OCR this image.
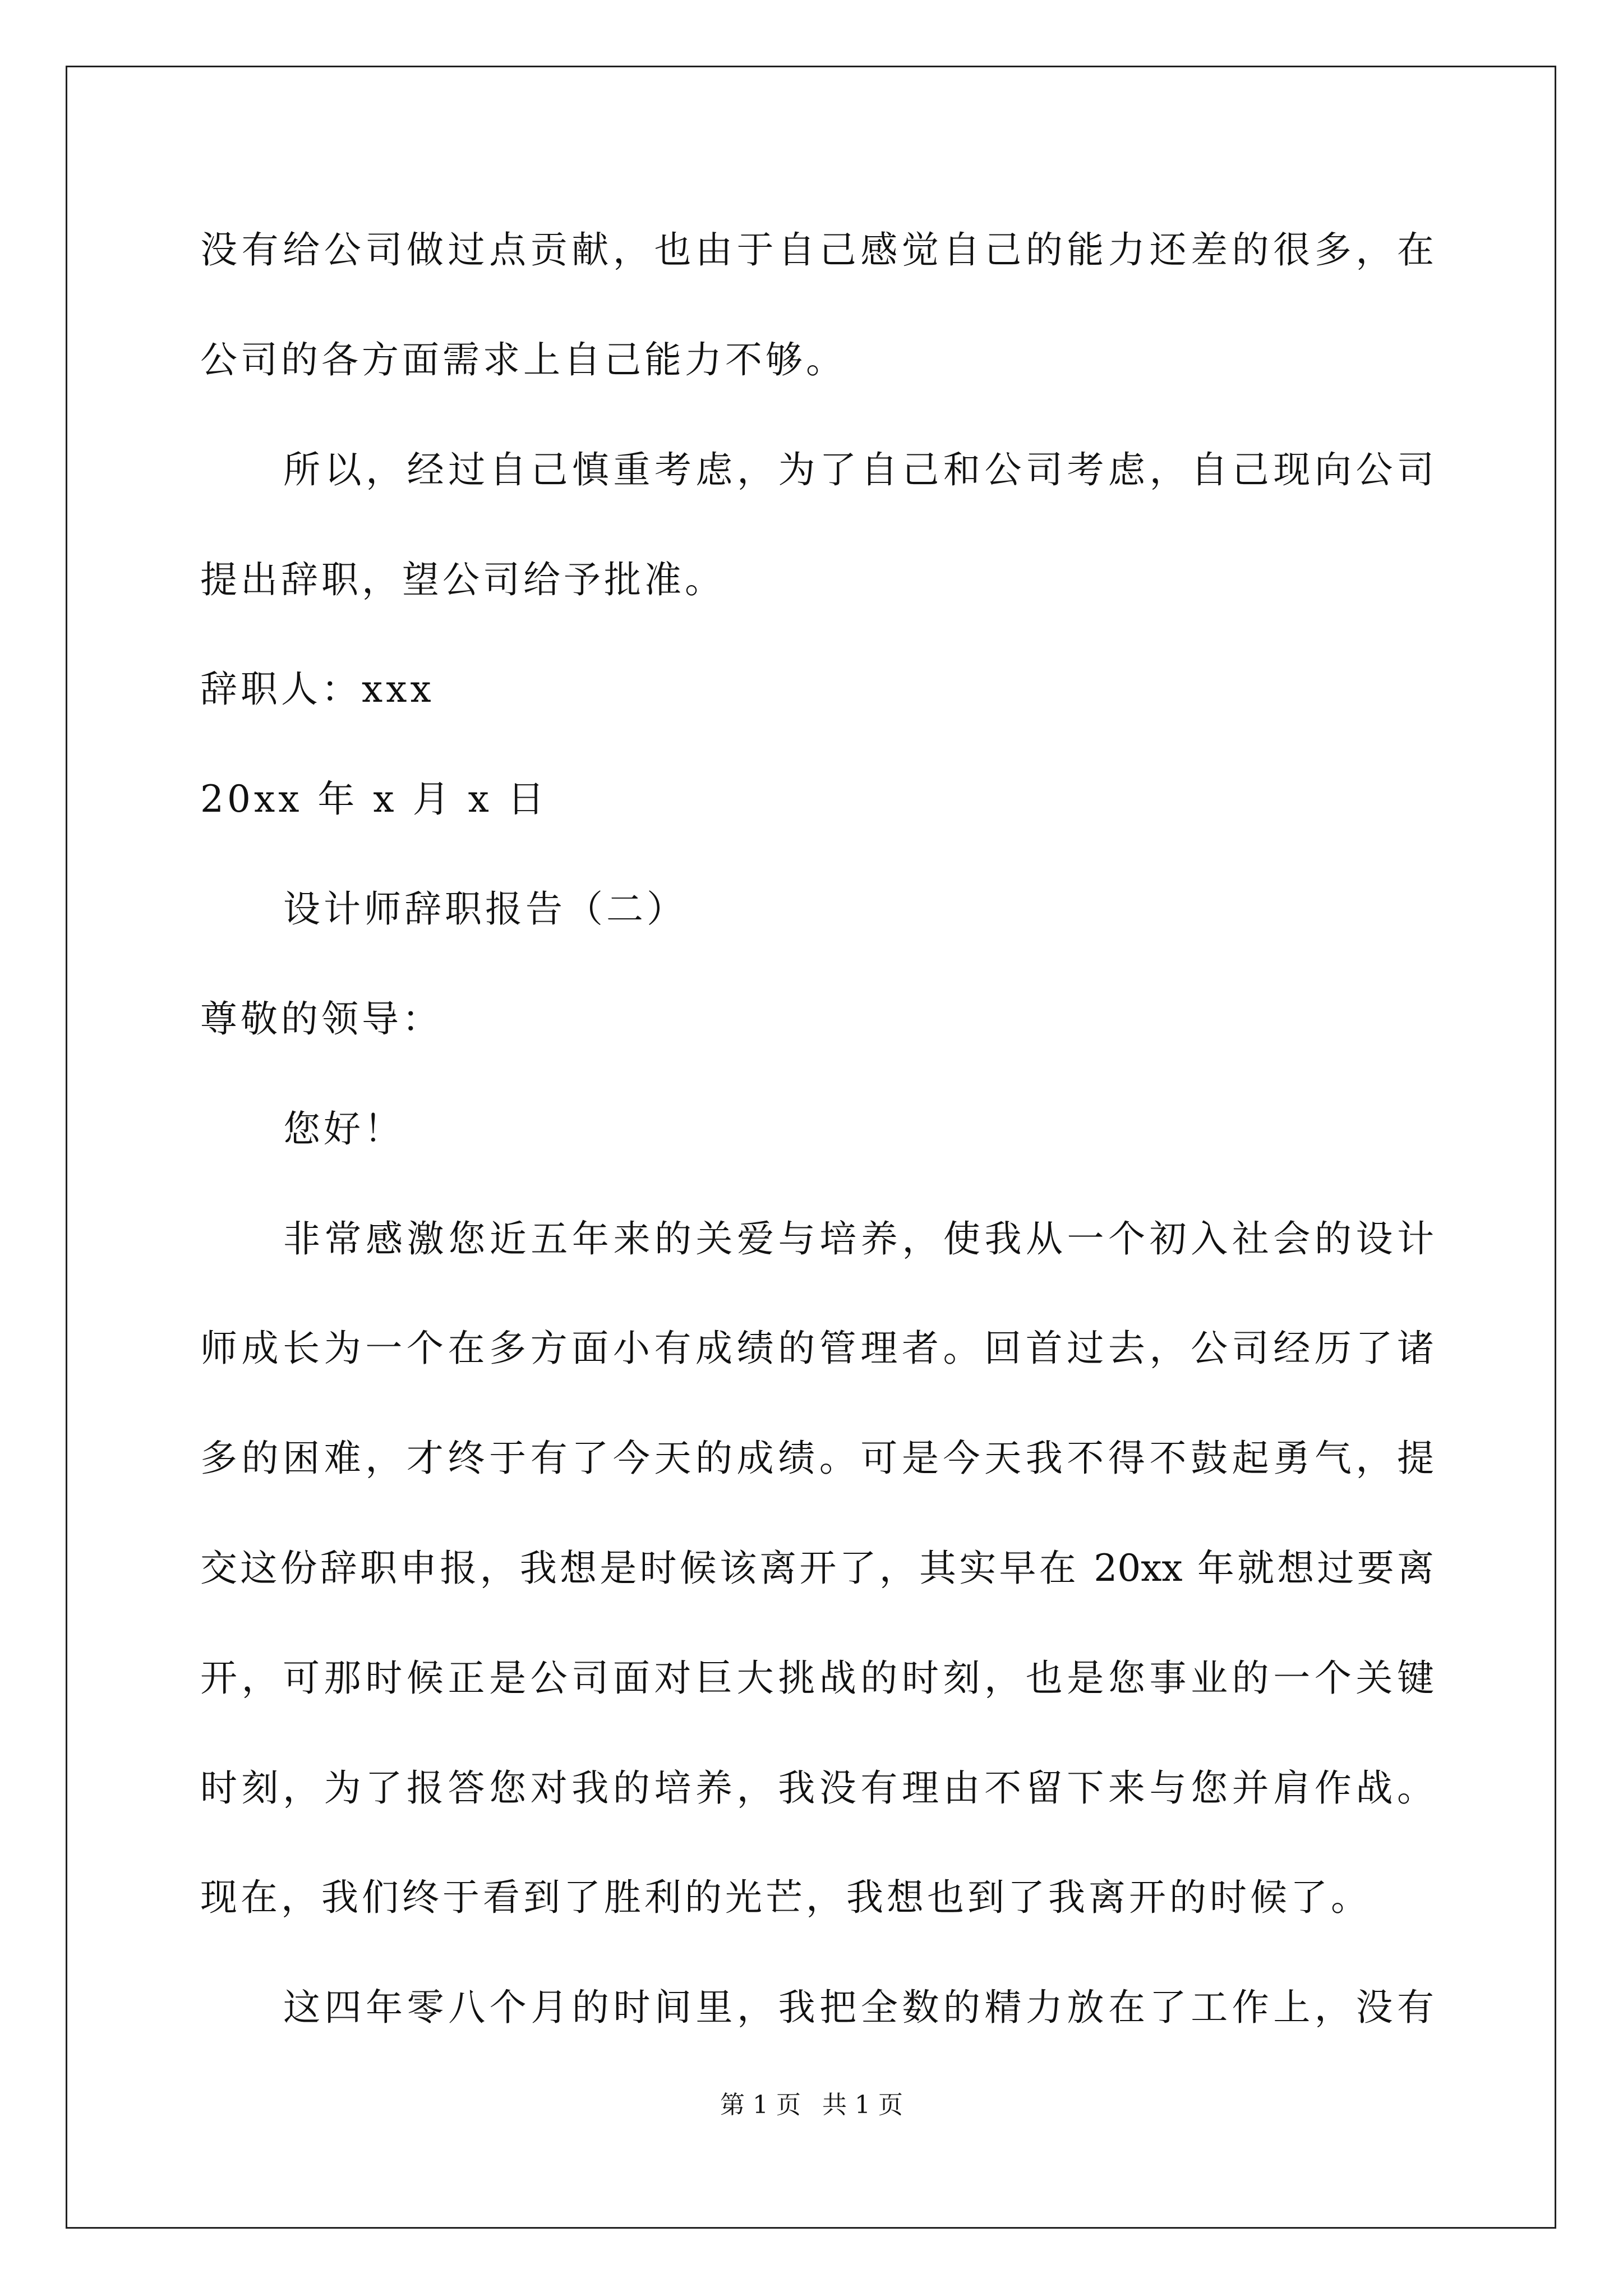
没有给公司做过点贡献，也由于自己感觉自己的能力还差的很多，在
公司的各方面需求上自己能力不够。
所以，经过自己慎重考虑，为了自己和公司考虑，自己现向公司
提出辞职，望公司给予批准。
辞职人：xxx
20xx 年 x 月 x 日
设计师辞职报告（二）
尊敬的领导：
您好！
非常感激您近五年来的关爱与培养，使我从一个初入社会的设计
师成长为一个在多方面小有成绩的管理者。回首过去，公司经历了诸
多的困难，才终于有了今天的成绩。可是今天我不得不鼓起勇气，提
交这份辞职申报，我想是时候该离开了，其实早在 20xx 年就想过要离
开，可那时候正是公司面对巨大挑战的时刻，也是您事业的一个关键
时刻，为了报答您对我的培养，我没有理由不留下来与您并肩作战。
现在，我们终于看到了胜利的光芒，我想也到了我离开的时候了。
这四年零八个月的时间里，我把全数的精力放在了工作上，没有
第 1 页 共 1 页
